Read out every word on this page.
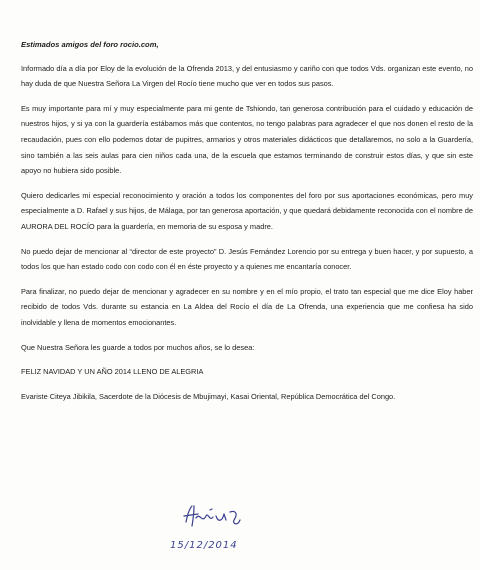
Estimados amigos del foro rocio.com,

Informado día a día por Eloy de la evolución de la Ofrenda 2013, y del entusiasmo y cariño con que todos Vds. organizan este evento, no hay duda de que Nuestra Señora La Virgen del Rocío tiene mucho que ver en todos sus pasos.

Es muy importante para mí y muy especialmente para mi gente de Tshiondo, tan generosa contribución para el cuidado y educación de nuestros hijos, y si ya con la guardería estábamos más que contentos, no tengo palabras para agradecer el que nos donen el resto de la recaudación, pues con ello podemos dotar de pupitres, armarios y otros materiales didácticos que detallaremos, no solo a la Guardería, sino también a las seis aulas para cien niños cada una, de la escuela que estamos terminando de construir estos días, y que sin este apoyo no hubiera sido posible.

Quiero dedicarles mi especial reconocimiento y oración a todos los componentes del foro por sus aportaciones económicas, pero muy especialmente a D. Rafael y sus hijos, de Málaga, por tan generosa aportación, y que quedará debidamente reconocida con el nombre de AURORA DEL ROCÍO para la guardería, en memoria de su esposa y madre.

No puedo dejar de mencionar al “director de este proyecto” D. Jesús Fernández Lorencio por su entrega y buen hacer, y por supuesto, a todos los que han estado codo con codo con él en éste proyecto y a quienes me encantaría conocer.

Para finalizar, no puedo dejar de mencionar y agradecer en su nombre y en el mío propio, el trato tan especial que me dice Eloy haber recibido de todos Vds. durante su estancia en La Aldea del Rocío el día de La Ofrenda, una experiencia que me confiesa ha sido inolvidable y llena de momentos emocionantes.

Que Nuestra Señora les guarde a todos por muchos años, se lo desea:
FELIZ NAVIDAD Y UN AÑO 2014 LLENO DE ALEGRIA
Evariste Citeya Jibikila, Sacerdote de la Diócesis de Mbujimayi, Kasai Oriental, República Democrática del Congo.
15/12/2014
